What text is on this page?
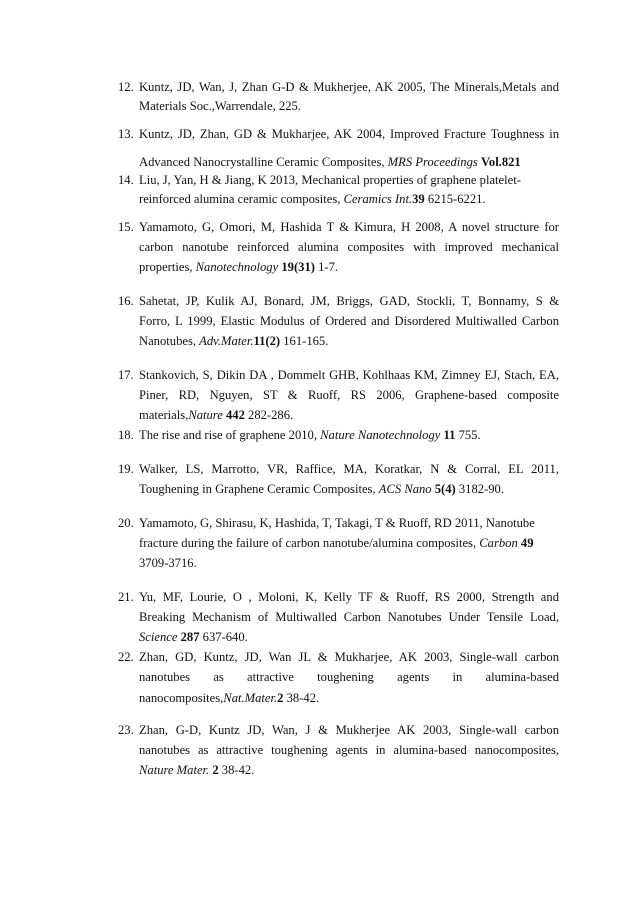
12. Kuntz, JD, Wan, J, Zhan G-D & Mukherjee, AK 2005, The Minerals,Metals and
Materials Soc.,Warrendale, 225.
13. Kuntz, JD, Zhan, GD & Mukharjee, AK 2004, Improved Fracture Toughness in
Advanced Nanocrystalline Ceramic Composites, MRS Proceedings Vol.821
14. Liu, J, Yan, H & Jiang, K 2013, Mechanical properties of graphene platelet-
reinforced alumina ceramic composites, Ceramics Int.39 6215-6221.
15. Yamamoto, G, Omori, M, Hashida T & Kimura, H 2008, A novel structure for
carbon nanotube reinforced alumina composites with improved mechanical
properties, Nanotechnology 19(31) 1-7.
16. Sahetat, JP, Kulik AJ, Bonard, JM, Briggs, GAD, Stockli, T, Bonnamy, S &
Forro, L 1999, Elastic Modulus of Ordered and Disordered Multiwalled Carbon
Nanotubes, Adv.Mater.11(2) 161-165.
17. Stankovich, S, Dikin DA , Dommelt GHB, Kohlhaas KM, Zimney EJ, Stach, EA,
Piner, RD, Nguyen, ST & Ruoff, RS 2006, Graphene-based composite
materials,Nature 442 282-286.
18. The rise and rise of graphene 2010, Nature Nanotechnology 11 755.
19. Walker, LS, Marrotto, VR, Raffice, MA, Koratkar, N & Corral, EL 2011,
Toughening in Graphene Ceramic Composites, ACS Nano 5(4) 3182-90.
20. Yamamoto, G, Shirasu, K, Hashida, T, Takagi, T & Ruoff, RD 2011, Nanotube
fracture during the failure of carbon nanotube/alumina composites, Carbon 49
3709-3716.
21. Yu, MF, Lourie, O , Moloni, K, Kelly TF & Ruoff, RS 2000, Strength and
Breaking Mechanism of Multiwalled Carbon Nanotubes Under Tensile Load,
Science 287 637-640.
22. Zhan, GD, Kuntz, JD, Wan JL & Mukharjee, AK 2003, Single-wall carbon
nanotubes as attractive toughening agents in alumina-based
nanocomposites,Nat.Mater.2 38-42.
23. Zhan, G-D, Kuntz JD, Wan, J & Mukherjee AK 2003, Single-wall carbon
nanotubes as attractive toughening agents in alumina-based nanocomposites,
Nature Mater. 2 38-42.
